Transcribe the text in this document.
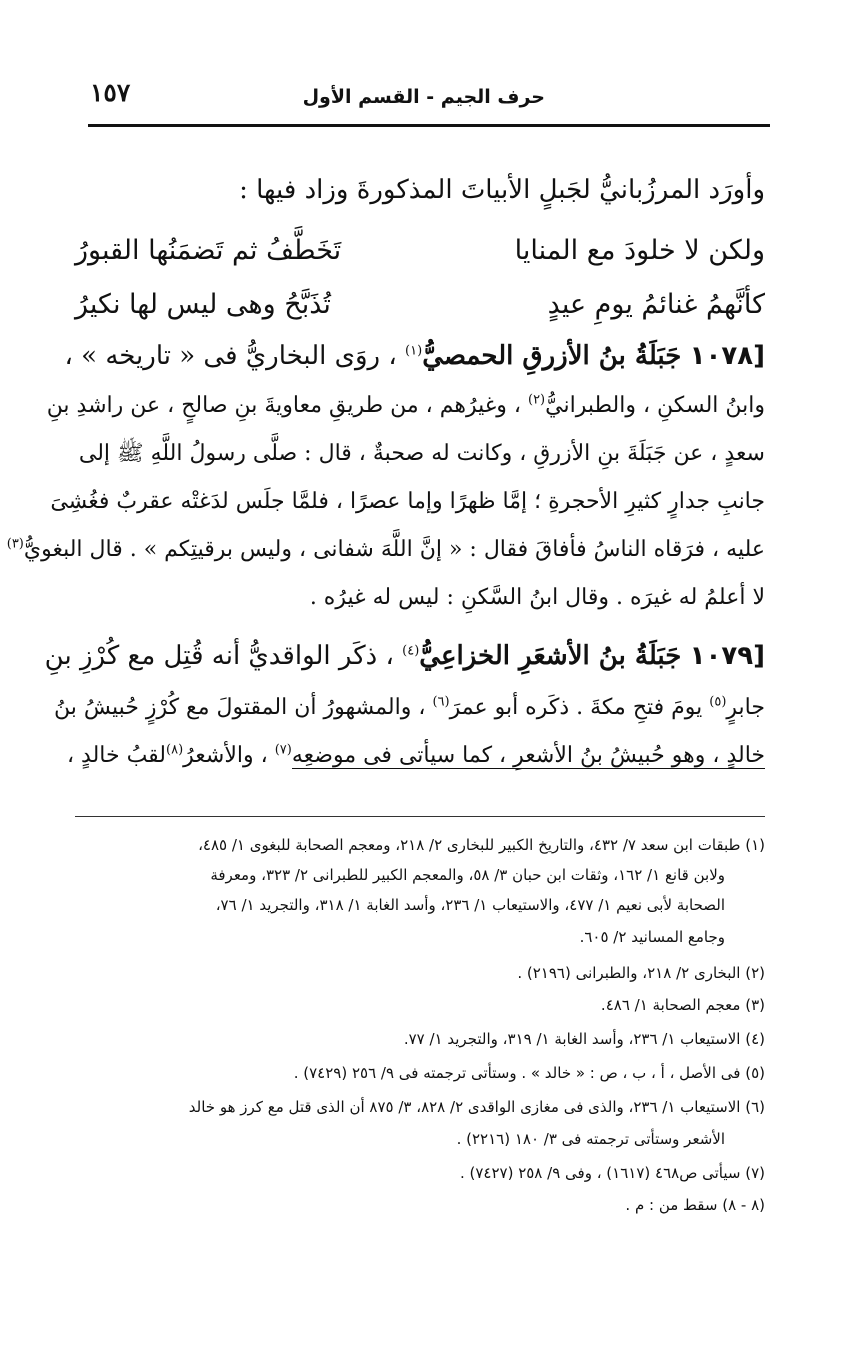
حرف الجيم - القسم الأول
١٥٧
وأورَد المرزُبانيُّ لجَبلٍ الأبياتَ المذكورةَ وزاد فيها :
ولكن لا خلودَ مع المنايا
تَخَطَّفُ ثم تَضمَنُها القبورُ
كأنَّهمُ غنائمُ يومِ عيدٍ
تُذَبَّحُ وهى ليس لها نكيرُ
[١٠٧٨ جَبَلَةُ بنُ الأزرقِ الحمصيُّ$^{(١)}$ ، روَى البخاريُّ فى « تاريخه » ،
وابنُ السكنِ ، والطبرانيُّ$^{(٢)}$ ، وغيرُهم ، من طريقِ معاويةَ بنِ صالحٍ ، عن راشدِ بنِ
سعدٍ ، عن جَبَلَةَ بنِ الأزرقِ ، وكانت له صحبةٌ ، قال : صلَّى رسولُ اللَّهِ ﷺ إلى
جانبِ جدارٍ كثيرِ الأحجرةِ ؛ إمَّا ظهرًا وإما عصرًا ، فلمَّا جلَس لدَغتْه عقربٌ فغُشِىَ
عليه ، فرَقاه الناسُ فأفاقَ فقال : « إنَّ اللَّهَ شفانى ، وليس برقيتِكم » . قال البغويُّ$^{(٣)}$
لا أعلمُ له غيرَه . وقال ابنُ السَّكنِ : ليس له غيرُه .
[١٠٧٩ جَبَلَةُ بنُ الأشعَرِ الخزاعِيُّ$^{(٤)}$ ، ذكَر الواقديُّ أنه قُتِل مع كُرْزِ بنِ
جابرٍ$^{(٥)}$ يومَ فتحِ مكةَ . ذكَره أبو عمرَ$^{(٦)}$ ، والمشهورُ أن المقتولَ مع كُرْزٍ حُبيشُ بنُ
خالدٍ ، وهو حُبيشُ بنُ الأشعرِ ، كما سيأتى فى موضعِه$^{(٧)}$ ، والأشعرُ$^{(٨)}$لقبُ خالدٍ ،
(١) طبقات ابن سعد ٧/ ٤٣٢، والتاريخ الكبير للبخارى ٢/ ٢١٨، ومعجم الصحابة للبغوى ١/ ٤٨٥،
ولابن قانع ١/ ١٦٢، وثقات ابن حبان ٣/ ٥٨، والمعجم الكبير للطبرانى ٢/ ٣٢٣، ومعرفة
الصحابة لأبى نعيم ١/ ٤٧٧، والاستيعاب ١/ ٢٣٦، وأسد الغابة ١/ ٣١٨، والتجريد ١/ ٧٦،
وجامع المسانيد ٢/ ٦٠٥.
(٢) البخارى ٢/ ٢١٨، والطبرانى (٢١٩٦) .
(٣) معجم الصحابة ١/ ٤٨٦.
(٤) الاستيعاب ١/ ٢٣٦، وأسد الغابة ١/ ٣١٩، والتجريد ١/ ٧٧.
(٥) فى الأصل ، أ ، ب ، ص : « خالد » . وستأتى ترجمته فى ٩/ ٢٥٦ (٧٤٢٩) .
(٦) الاستيعاب ١/ ٢٣٦، والذى فى مغازى الواقدى ٢/ ٨٢٨، ٣/ ٨٧٥ أن الذى قتل مع كرز هو خالد
الأشعر وستأتى ترجمته فى ٣/ ١٨٠ (٢٢١٦) .
(٧) سيأتى ص٤٦٨ (١٦١٧) ، وفى ٩/ ٢٥٨ (٧٤٢٧) .
(٨ - ٨) سقط من : م .
